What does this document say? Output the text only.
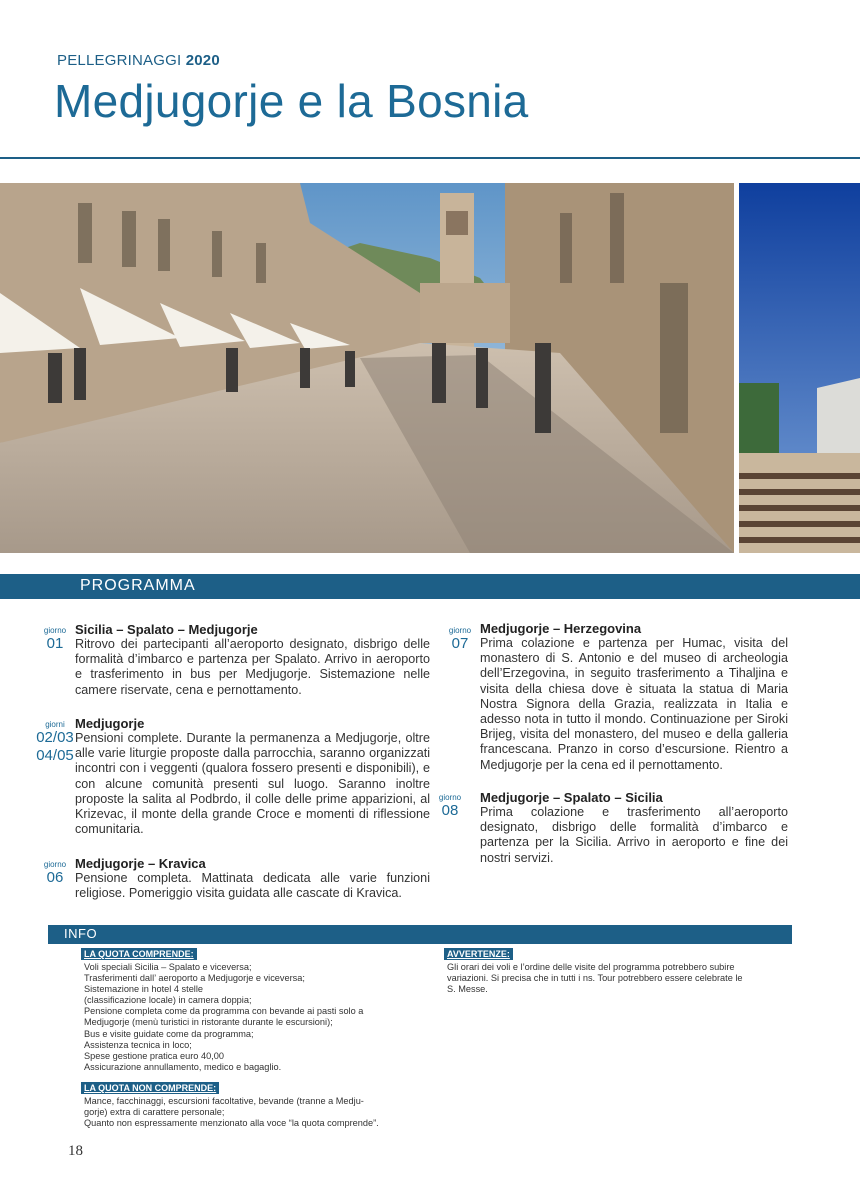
PELLEGRINAGGI 2020
Medjugorje e la Bosnia
PROGRAMMA
giorno
01
Sicilia – Spalato – Medjugorje

Ritrovo dei partecipanti all’aeroporto designato, disbrigo delle formalità d’imbarco e partenza per Spalato. Arrivo in aeroporto e trasferimento in bus per Medjugorje. Sistemazione nelle camere riservate, cena e pernottamento.

giorni
02/03
04/05
Medjugorje

Pensioni complete. Durante la permanenza a Medjugorje, oltre alle varie liturgie proposte dalla parrocchia, saranno organizzati incontri con i veggenti (qualora fossero presenti e disponibili), e con alcune comunità presenti sul luogo. Saranno inoltre proposte la salita al Podbrdo, il colle delle prime apparizioni, al Krizevac, il monte della grande Croce e momenti di riflessione comunitaria.

giorno
06
Medjugorje – Kravica

Pensione completa. Mattinata dedicata alle varie funzioni religiose. Pomeriggio visita guidata alle cascate di Kravica.

giorno
07
Medjugorje – Herzegovina

Prima colazione e partenza per Humac, visita del monastero di S. Antonio e del museo di archeologia dell’Erzegovina, in seguito trasferimento a Tihaljina e visita della chiesa dove è situata la statua di Maria Nostra Signora della Grazia, realizzata in Italia e adesso nota in tutto il mondo. Continuazione per Siroki Brijeg, visita del monastero, del museo e della galleria francescana. Pranzo in corso d’escursione. Rientro a Medjugorje per la cena ed il pernottamento.

giorno
08
Medjugorje – Spalato – Sicilia

Prima colazione e trasferimento all’aeroporto designato, disbrigo delle formalità d’imbarco e partenza per la Sicilia. Arrivo in aeroporto e fine dei nostri servizi.

INFO
LA QUOTA COMPRENDE:
Voli speciali Sicilia – Spalato e viceversa;
Trasferimenti dall’ aeroporto a Medjugorje e viceversa;
Sistemazione in hotel 4 stelle
(classificazione locale) in camera doppia;
Pensione completa come da programma con bevande ai pasti solo a
Medjugorje (menù turistici in ristorante durante le escursioni);
Bus e visite guidate come da programma;
Assistenza tecnica in loco;
Spese gestione pratica euro 40,00
Assicurazione annullamento, medico e bagaglio.
LA QUOTA NON COMPRENDE:
Mance, facchinaggi, escursioni facoltative, bevande (tranne a Medju-
gorje) extra di carattere personale;
Quanto non espressamente menzionato alla voce “la quota comprende”.
AVVERTENZE:
Gli orari dei voli e l’ordine delle visite del programma potrebbero subire
variazioni. Si precisa che in tutti i ns. Tour potrebbero essere celebrate le
S. Messe.
18
